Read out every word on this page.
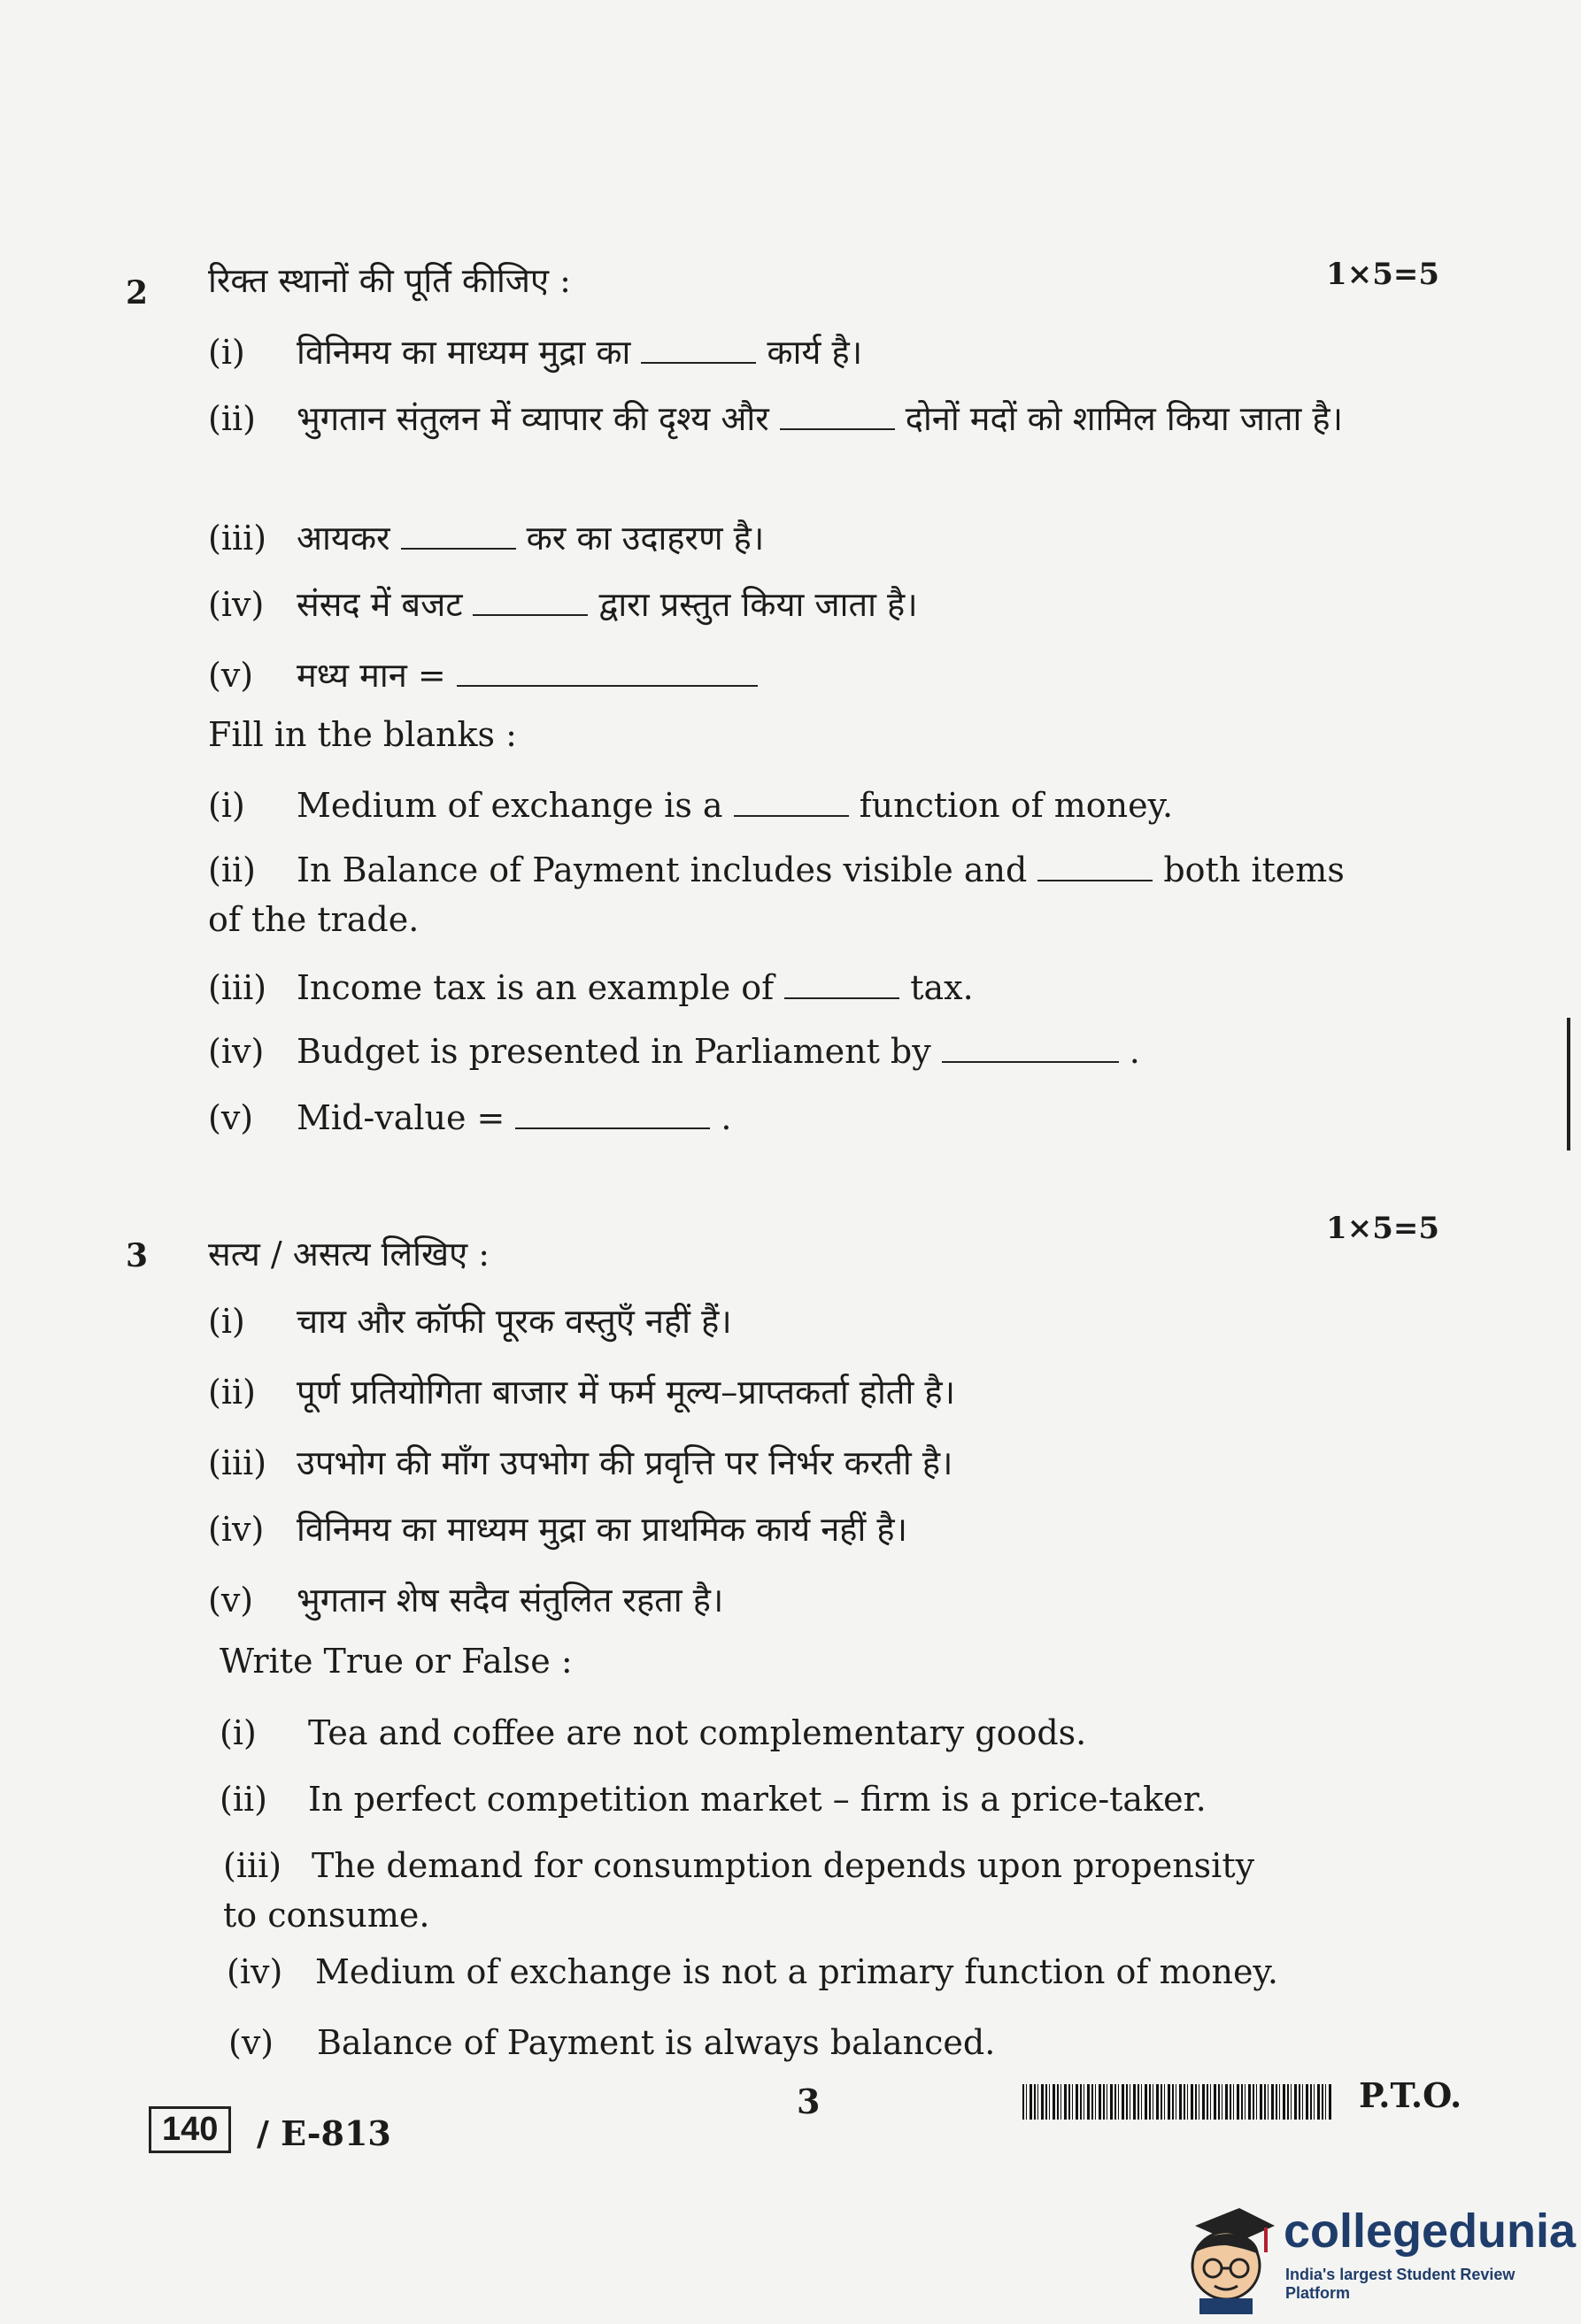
2 रिक्त स्थानों की पूर्ति कीजिए :	1×5=5
(i) विनिमय का माध्यम मुद्रा का	कार्य है।
(ii) भुगतान संतुलन में व्यापार की दृश्य और	दोनों मदों को शामिल किया जाता है।
(iii) आयकर	कर का उदाहरण है।
(iv) संसद में बजट	द्वारा प्रस्तुत किया जाता है।
(v) मध्य मान =
Fill in the blanks :
(i) Medium of exchange is a	function of money.
(ii) In Balance of Payment includes visible and	both items of the trade.
(iii) Income tax is an example of	tax.
(iv) Budget is presented in Parliament by	.
(v) Mid-value =	.
3 सत्य / असत्य लिखिए :
1×5=5
(i) चाय और कॉफी पूरक वस्तुएँ नहीं हैं।
(ii) पूर्ण प्रतियोगिता बाजार में फर्म मूल्य–प्राप्तकर्ता होती है।
(iii) उपभोग की माँग उपभोग की प्रवृत्ति पर निर्भर करती है।
(iv) विनिमय का माध्यम मुद्रा का प्राथमिक कार्य नहीं है।
(v) भुगतान शेष सदैव संतुलित रहता है।
Write True or False :
(i) Tea and coffee are not complementary goods.
(ii) In perfect competition market – firm is a price-taker.
(iii) The demand for consumption depends upon propensity to consume.
(iv) Medium of exchange is not a primary function of money.
(v) Balance of Payment is always balanced.
140	/ E-813
3	P.T.O.
collegedunia
India's largest Student Review Platform
